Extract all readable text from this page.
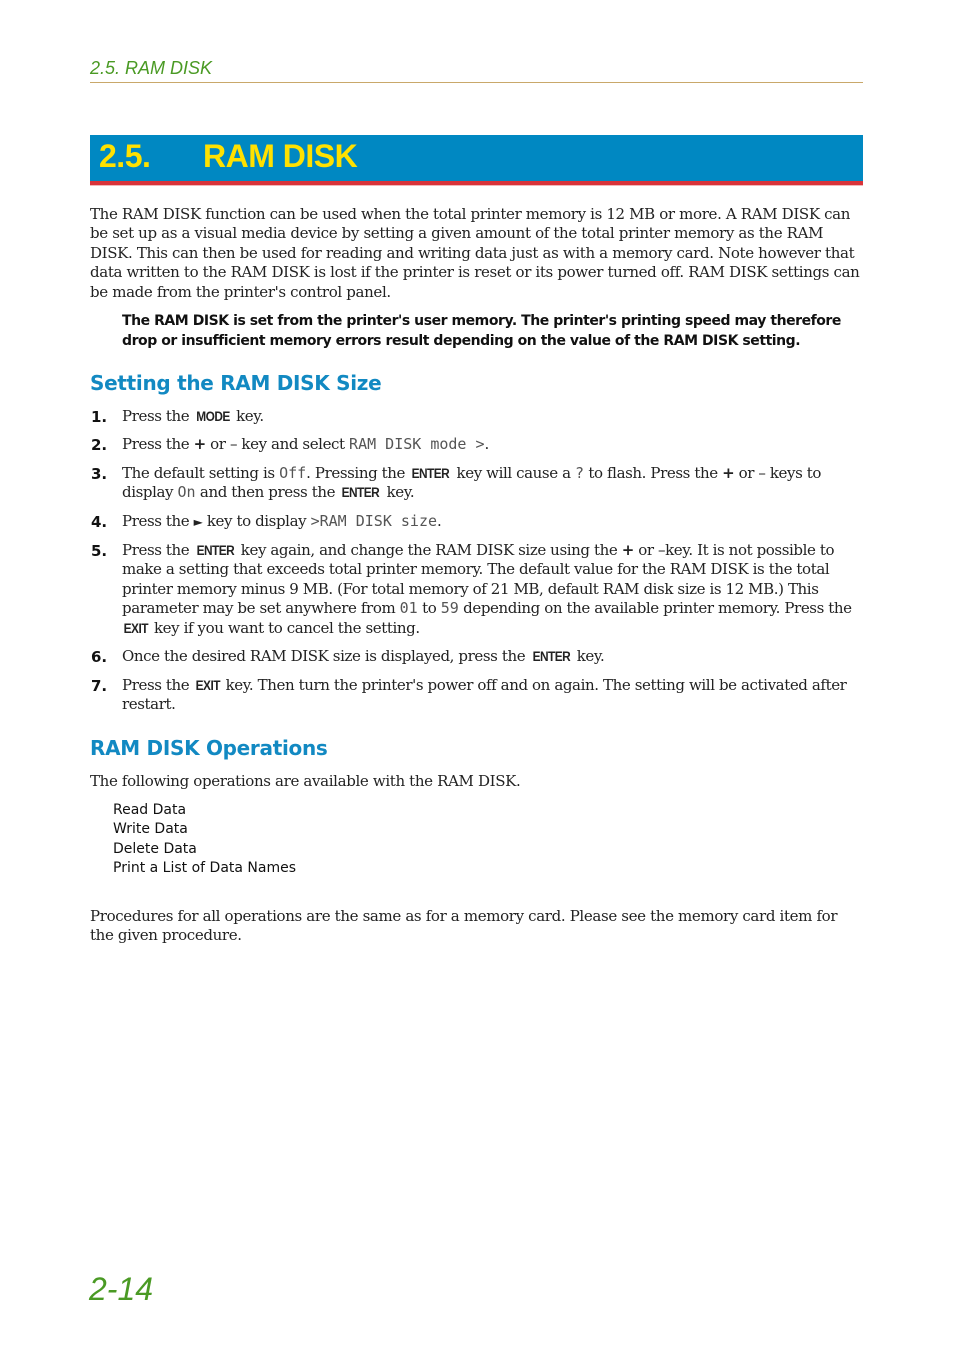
2.5. RAM DISK
2.5. RAM DISK

The RAM DISK function can be used when the total printer memory is 12 MB or more. A RAM DISK can be set up as a visual media device by setting a given amount of the total printer memory as the RAM DISK. This can then be used for reading and writing data just as with a memory card. Note however that data written to the RAM DISK is lost if the printer is reset or its power turned off. RAM DISK settings can be made from the printer's control panel.

The RAM DISK is set from the printer's user memory. The printer's printing speed may therefore drop or insufficient memory errors result depending on the value of the RAM DISK setting.
Setting the RAM DISK Size
1. Press the MODE key.
2. Press the + or – key and select RAM DISK mode >.
3. The default setting is Off. Pressing the ENTER key will cause a ? to flash. Press the + or – keys to display On and then press the ENTER key.
4. Press the ► key to display >RAM DISK size.
5. Press the ENTER key again, and change the RAM DISK size using the + or –key. It is not possible to make a setting that exceeds total printer memory. The default value for the RAM DISK is the total printer memory minus 9 MB. (For total memory of 21 MB, default RAM disk size is 12 MB.) This parameter may be set anywhere from 01 to 59 depending on the available printer memory. Press the EXIT key if you want to cancel the setting.
6. Once the desired RAM DISK size is displayed, press the ENTER key.
7. Press the EXIT key. Then turn the printer's power off and on again. The setting will be activated after restart.
RAM DISK Operations

The following operations are available with the RAM DISK.

Read Data
Write Data
Delete Data
Print a List of Data Names

Procedures for all operations are the same as for a memory card. Please see the memory card item for the given procedure.

2-14
